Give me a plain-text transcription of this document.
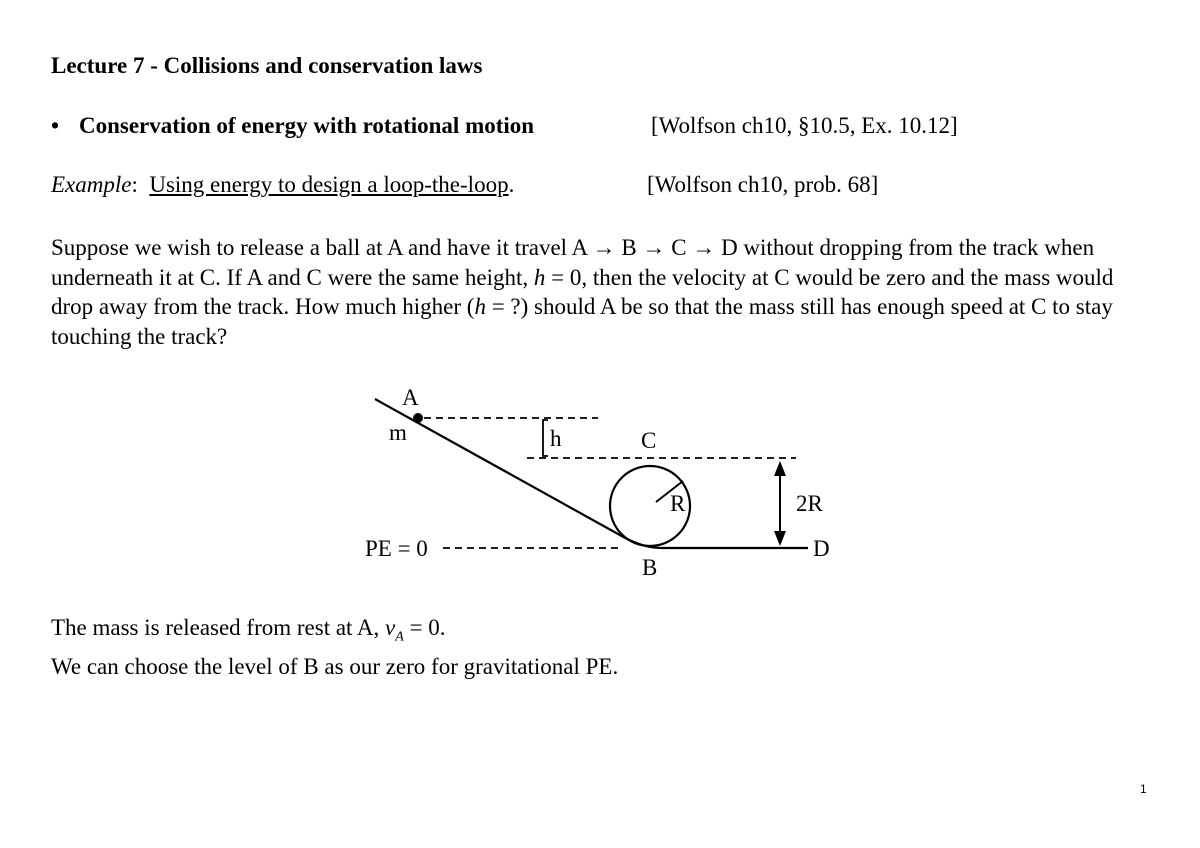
Lecture 7 - Collisions and conservation laws
• Conservation of energy with rotational motion	[Wolfson ch10, §10.5, Ex. 10.12]
Example: Using energy to design a loop-the-loop.	[Wolfson ch10, prob. 68]

Suppose we wish to release a ball at A and have it travel A → B → C → D without dropping from the track when underneath it at C. If A and C were the same height, h = 0, then the velocity at C would be zero and the mass would drop away from the track. How much higher (h = ?) should A be so that the mass still has enough speed at C to stay touching the track?

A
m	h	C
R	2R
PE = 0
B
D

The mass is released from rest at A, $v_A = 0$.

We can choose the level of B as our zero for gravitational PE.

1
